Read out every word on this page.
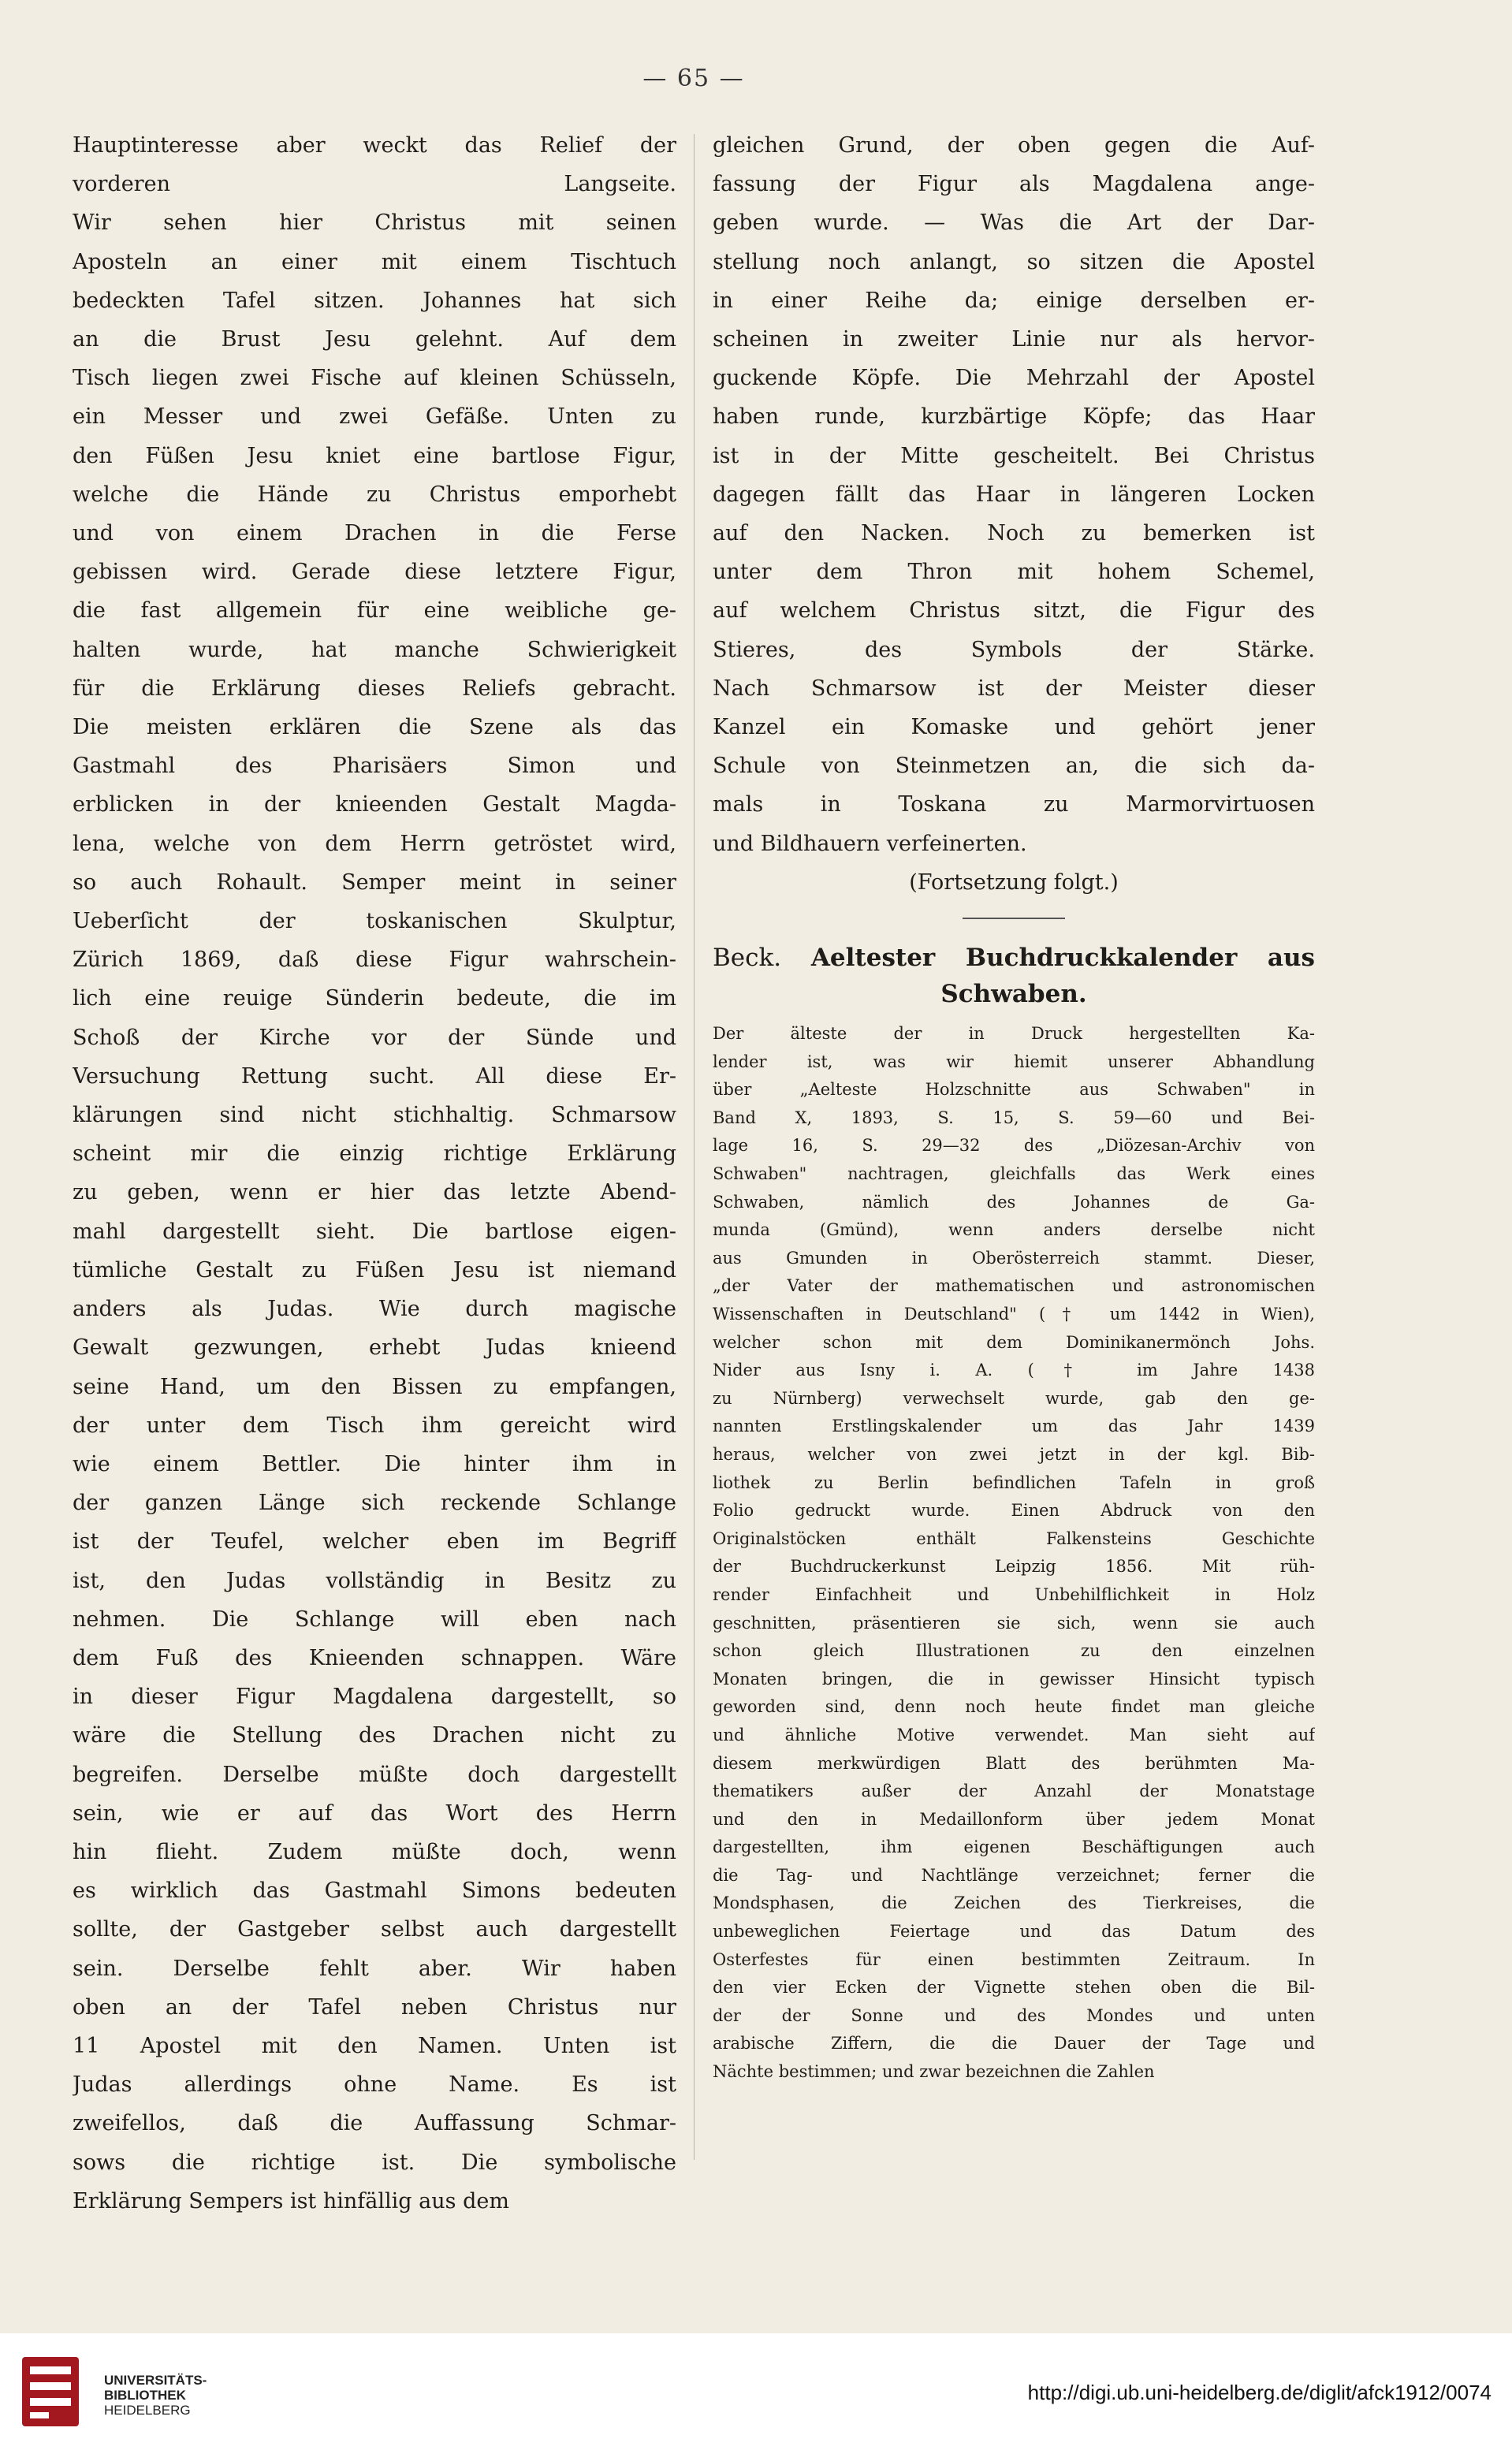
— 65 —
Hauptinteresse aber weckt das Relief der
vorderen Langseite.
Wir sehen hier Christus mit seinen
Aposteln an einer mit einem Tischtuch
bedeckten Tafel sitzen. Johannes hat sich
an die Brust Jesu gelehnt. Auf dem
Tisch liegen zwei Fische auf kleinen Schüsseln,
ein Messer und zwei Gefäße. Unten zu
den Füßen Jesu kniet eine bartlose Figur,
welche die Hände zu Christus emporhebt
und von einem Drachen in die Ferse
gebissen wird. Gerade diese letztere Figur,
die fast allgemein für eine weibliche ge-
halten wurde, hat manche Schwierigkeit
für die Erklärung dieses Reliefs gebracht.
Die meisten erklären die Szene als das
Gastmahl des Pharisäers Simon und
erblicken in der knieenden Gestalt Magda-
lena, welche von dem Herrn getröstet wird,
so auch Rohault. Semper meint in seiner
Ueberſicht der toskanischen Skulptur,
Zürich 1869, daß diese Figur wahrschein-
lich eine reuige Sünderin bedeute, die im
Schoß der Kirche vor der Sünde und
Versuchung Rettung sucht. All diese Er-
klärungen sind nicht stichhaltig. Schmarsow
scheint mir die einzig richtige Erklärung
zu geben, wenn er hier das letzte Abend-
mahl dargestellt sieht. Die bartlose eigen-
tümliche Gestalt zu Füßen Jesu ist niemand
anders als Judas. Wie durch magische
Gewalt gezwungen, erhebt Judas knieend
seine Hand, um den Bissen zu empfangen,
der unter dem Tisch ihm gereicht wird
wie einem Bettler. Die hinter ihm in
der ganzen Länge sich reckende Schlange
ist der Teufel, welcher eben im Begriff
ist, den Judas vollständig in Besitz zu
nehmen. Die Schlange will eben nach
dem Fuß des Knieenden schnappen. Wäre
in dieser Figur Magdalena dargestellt, so
wäre die Stellung des Drachen nicht zu
begreifen. Derselbe müßte doch dargestellt
sein, wie er auf das Wort des Herrn
hin flieht. Zudem müßte doch, wenn
es wirklich das Gastmahl Simons bedeuten
sollte, der Gastgeber selbst auch dargestellt
sein. Derselbe fehlt aber. Wir haben
oben an der Tafel neben Christus nur
11 Apostel mit den Namen. Unten ist
Judas allerdings ohne Name. Es ist
zweifellos, daß die Auffassung Schmar-
sows die richtige ist. Die symbolische
Erklärung Sempers ist hinfällig aus dem
gleichen Grund, der oben gegen die Auf-
fassung der Figur als Magdalena ange-
geben wurde. — Was die Art der Dar-
stellung noch anlangt, so sitzen die Apostel
in einer Reihe da; einige derselben er-
scheinen in zweiter Linie nur als hervor-
guckende Köpfe. Die Mehrzahl der Apostel
haben runde, kurzbärtige Köpfe; das Haar
ist in der Mitte gescheitelt. Bei Christus
dagegen fällt das Haar in längeren Locken
auf den Nacken. Noch zu bemerken ist
unter dem Thron mit hohem Schemel,
auf welchem Christus sitzt, die Figur des
Stieres, des Symbols der Stärke.
Nach Schmarsow ist der Meister dieser
Kanzel ein Komaske und gehört jener
Schule von Steinmetzen an, die sich da-
mals in Toskana zu Marmorvirtuosen
und Bildhauern verfeinerten.
(Fortsetzung folgt.)
Beck. Aeltester Buchdruckkalender aus
Schwaben.
Der älteste der in Druck hergestellten Ka-
lender ist, was wir hiemit unserer Abhandlung
über „Aelteste Holzschnitte aus Schwaben" in
Band X, 1893, S. 15, S. 59—60 und Bei-
lage 16, S. 29—32 des „Diözesan-Archiv von
Schwaben" nachtragen, gleichfalls das Werk eines
Schwaben, nämlich des Johannes de Ga-
munda (Gmünd), wenn anders derselbe nicht
aus Gmunden in Oberösterreich stammt. Dieser,
„der Vater der mathematischen und astronomischen
Wissenschaften in Deutschland" († um 1442 in Wien),
welcher schon mit dem Dominikanermönch Johs.
Nider aus Isny i. A. († im Jahre 1438
zu Nürnberg) verwechselt wurde, gab den ge-
nannten Erstlingskalender um das Jahr 1439
heraus, welcher von zwei jetzt in der kgl. Bib-
liothek zu Berlin befindlichen Tafeln in groß
Folio gedruckt wurde. Einen Abdruck von den
Originalstöcken enthält Falkensteins Geschichte
der Buchdruckerkunst Leipzig 1856. Mit rüh-
render Einfachheit und Unbehilflichkeit in Holz
geschnitten, präsentieren sie sich, wenn sie auch
schon gleich Illustrationen zu den einzelnen
Monaten bringen, die in gewisser Hinsicht typisch
geworden sind, denn noch heute findet man gleiche
und ähnliche Motive verwendet. Man sieht auf
diesem merkwürdigen Blatt des berühmten Ma-
thematikers außer der Anzahl der Monatstage
und den in Medaillonform über jedem Monat
dargestellten, ihm eigenen Beschäftigungen auch
die Tag- und Nachtlänge verzeichnet; ferner die
Mondsphasen, die Zeichen des Tierkreises, die
unbeweglichen Feiertage und das Datum des
Osterfestes für einen bestimmten Zeitraum. In
den vier Ecken der Vignette stehen oben die Bil-
der der Sonne und des Mondes und unten
arabische Ziffern, die die Dauer der Tage und
Nächte bestimmen; und zwar bezeichnen die Zahlen
UNIVERSITÄTS-
BIBLIOTHEK
HEIDELBERG
http://digi.ub.uni-heidelberg.de/diglit/afck1912/0074
